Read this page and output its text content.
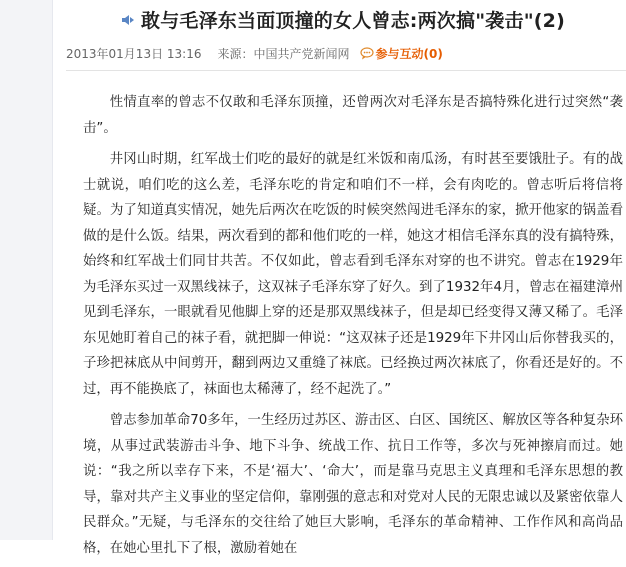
敢与毛泽东当面顶撞的女人曾志:两次搞"袭击"(2)
2013年01月13日 13:16 来源： 中国共产党新闻网 参与互动(0)

性情直率的曾志不仅敢和毛泽东顶撞，还曾两次对毛泽东是否搞特殊化进行过突然“袭击”。

井冈山时期，红军战士们吃的最好的就是红米饭和南瓜汤，有时甚至要饿肚子。有的战士就说，咱们吃的这么差，毛泽东吃的肯定和咱们不一样，会有肉吃的。曾志听后将信将疑。为了知道真实情况，她先后两次在吃饭的时候突然闯进毛泽东的家，掀开他家的锅盖看做的是什么饭。结果，两次看到的都和他们吃的一样，她这才相信毛泽东真的没有搞特殊，始终和红军战士们同甘共苦。不仅如此，曾志看到毛泽东对穿的也不讲究。曾志在1929年为毛泽东买过一双黑线袜子，这双袜子毛泽东穿了好久。到了1932年4月，曾志在福建漳州见到毛泽东，一眼就看见他脚上穿的还是那双黑线袜子，但是却已经变得又薄又稀了。毛泽东见她盯着自己的袜子看，就把脚一伸说：“这双袜子还是1929年下井冈山后你替我买的，子珍把袜底从中间剪开，翻到两边又重缝了袜底。已经换过两次袜底了，你看还是好的。不过，再不能换底了，袜面也太稀薄了，经不起洗了。”

曾志参加革命70多年，一生经历过苏区、游击区、白区、国统区、解放区等各种复杂环境，从事过武装游击斗争、地下斗争、统战工作、抗日工作等，多次与死神擦肩而过。她说：“我之所以幸存下来，不是‘福大’、‘命大’，而是靠马克思主义真理和毛泽东思想的教导，靠对共产主义事业的坚定信仰，靠刚强的意志和对党对人民的无限忠诚以及紧密依靠人民群众。”无疑，与毛泽东的交往给了她巨大影响，毛泽东的革命精神、工作作风和高尚品格，在她心里扎下了根，激励着她在
